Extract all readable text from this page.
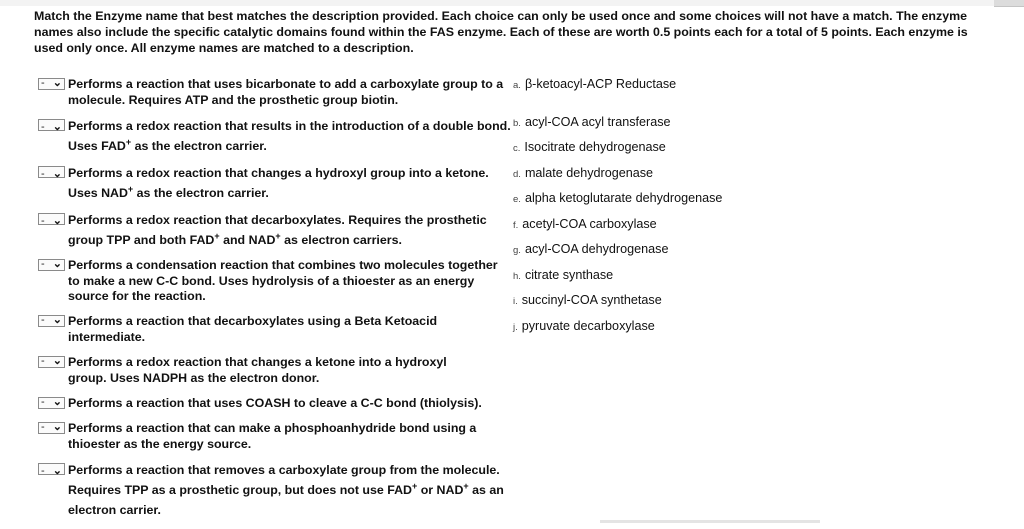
Match the Enzyme name that best matches the description provided. Each choice can only be used once and some choices will not have a match. The enzyme names also include the specific catalytic domains found within the FAS enzyme. Each of these are worth 0.5 points each for a total of 5 points. Each enzyme is used only once. All enzyme names are matched to a description.

- ⌄ Performs a reaction that uses bicarbonate to add a carboxylate group to a molecule. Requires ATP and the prosthetic group biotin.
- ⌄ Performs a redox reaction that results in the introduction of a double bond. Uses FAD+ as the electron carrier.
- ⌄ Performs a redox reaction that changes a hydroxyl group into a ketone. Uses NAD+ as the electron carrier.
- ⌄ Performs a redox reaction that decarboxylates. Requires the prosthetic group TPP and both FAD+ and NAD+ as electron carriers.
- ⌄ Performs a condensation reaction that combines two molecules together to make a new C-C bond. Uses hydrolysis of a thioester as an energy source for the reaction.
- ⌄ Performs a reaction that decarboxylates using a Beta Ketoacid intermediate.
- ⌄ Performs a redox reaction that changes a ketone into a hydroxyl group. Uses NADPH as the electron donor.
- ⌄ Performs a reaction that uses COASH to cleave a C-C bond (thiolysis).
- ⌄ Performs a reaction that can make a phosphoanhydride bond using a thioester as the energy source.
- ⌄ Performs a reaction that removes a carboxylate group from the molecule. Requires TPP as a prosthetic group, but does not use FAD+ or NAD+ as an electron carrier.
a. β-ketoacyl-ACP Reductase
b. acyl-COA acyl transferase
c. Isocitrate dehydrogenase
d. malate dehydrogenase
e. alpha ketoglutarate dehydrogenase
f. acetyl-COA carboxylase
g. acyl-COA dehydrogenase
h. citrate synthase
i. succinyl-COA synthetase
j. pyruvate decarboxylase
